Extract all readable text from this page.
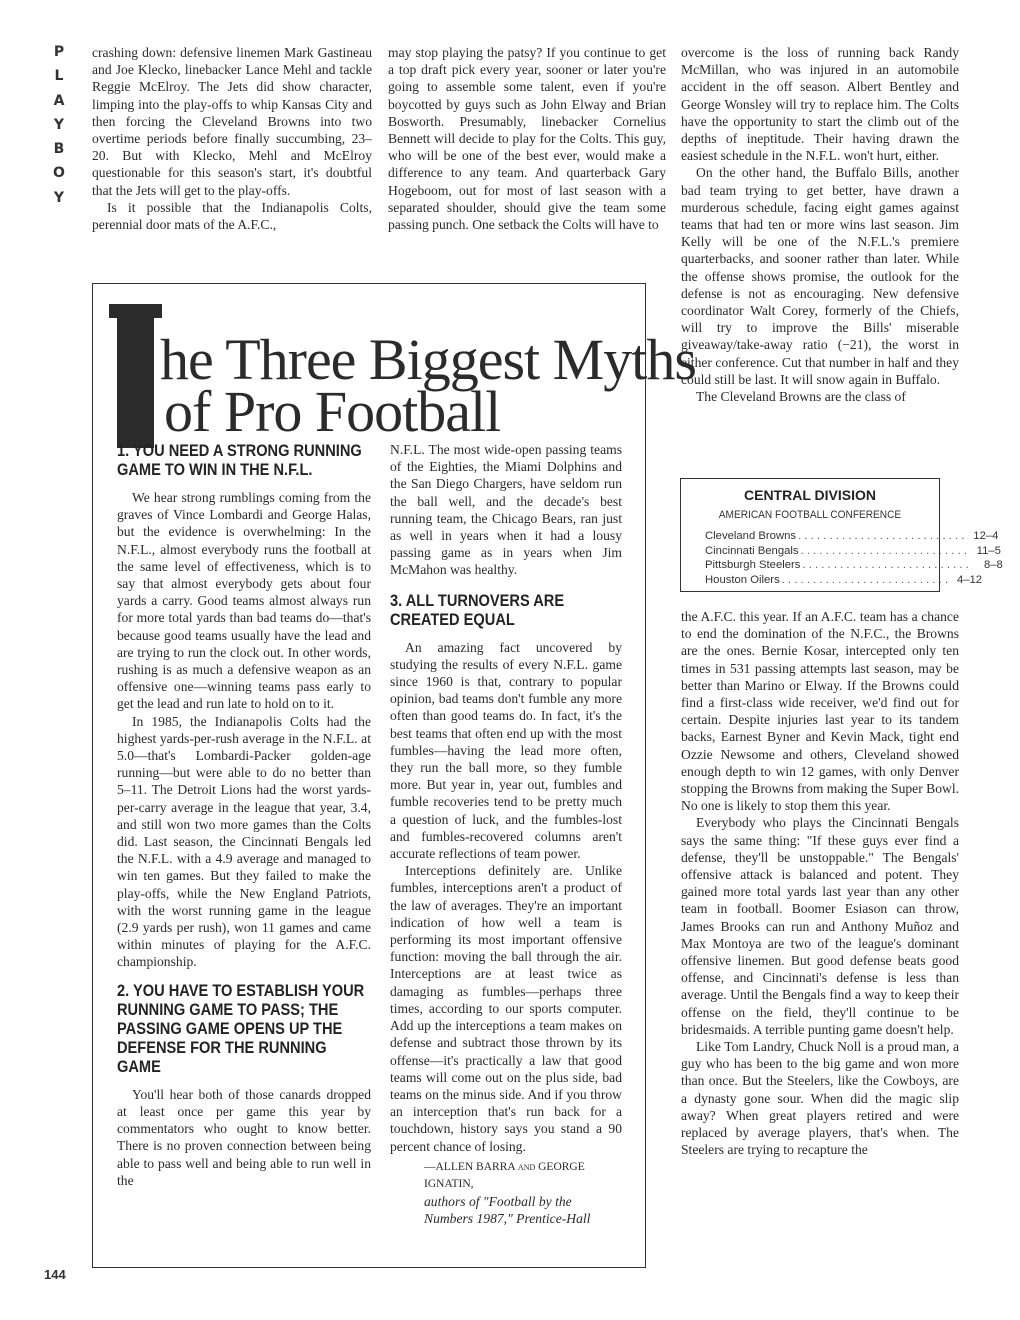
P
L
A
Y
B
O
Y

crashing down: defensive linemen Mark Gastineau and Joe Klecko, linebacker Lance Mehl and tackle Reggie McElroy. The Jets did show character, limping into the play-offs to whip Kansas City and then forcing the Cleveland Browns into two overtime periods before finally succumbing, 23–20. But with Klecko, Mehl and McElroy questionable for this season's start, it's doubtful that the Jets will get to the play-offs.

Is it possible that the Indianapolis Colts, perennial door mats of the A.F.C.,

may stop playing the patsy? If you continue to get a top draft pick every year, sooner or later you're going to assemble some talent, even if you're boycotted by guys such as John Elway and Brian Bosworth. Presumably, linebacker Cornelius Bennett will decide to play for the Colts. This guy, who will be one of the best ever, would make a difference to any team. And quarterback Gary Hogeboom, out for most of last season with a separated shoulder, should give the team some passing punch. One setback the Colts will have to

overcome is the loss of running back Randy McMillan, who was injured in an automobile accident in the off season. Albert Bentley and George Wonsley will try to replace him. The Colts have the opportunity to start the climb out of the depths of ineptitude. Their having drawn the easiest schedule in the N.F.L. won't hurt, either.

On the other hand, the Buffalo Bills, another bad team trying to get better, have drawn a murderous schedule, facing eight games against teams that had ten or more wins last season. Jim Kelly will be one of the N.F.L.'s premiere quarterbacks, and sooner rather than later. While the offense shows promise, the outlook for the defense is not as encouraging. New defensive coordinator Walt Corey, formerly of the Chiefs, will try to improve the Bills' miserable giveaway/take-away ratio (−21), the worst in either conference. Cut that number in half and they could still be last. It will snow again in Buffalo.

The Cleveland Browns are the class of

CENTRAL DIVISION
AMERICAN FOOTBALL CONFERENCE
Cleveland Browns . . . . . . . . . . . . . . . . . . . . . . . . . . . 12–4
Cincinnati Bengals . . . . . . . . . . . . . . . . . . . . . . . . . . . 11–5
Pittsburgh Steelers . . . . . . . . . . . . . . . . . . . . . . . . . . .	8–8
Houston Oilers . . . . . . . . . . . . . . . . . . . . . . . . . . . 4–12

the A.F.C. this year. If an A.F.C. team has a chance to end the domination of the N.F.C., the Browns are the ones. Bernie Kosar, intercepted only ten times in 531 passing attempts last season, may be better than Marino or Elway. If the Browns could find a first-class wide receiver, we'd find out for certain. Despite injuries last year to its tandem backs, Earnest Byner and Kevin Mack, tight end Ozzie Newsome and others, Cleveland showed enough depth to win 12 games, with only Denver stopping the Browns from making the Super Bowl. No one is likely to stop them this year.

Everybody who plays the Cincinnati Bengals says the same thing: "If these guys ever find a defense, they'll be unstoppable." The Bengals' offensive attack is balanced and potent. They gained more total yards last year than any other team in football. Boomer Esiason can throw, James Brooks can run and Anthony Muñoz and Max Montoya are two of the league's dominant offensive linemen. But good defense beats good offense, and Cincinnati's defense is less than average. Until the Bengals find a way to keep their offense on the field, they'll continue to be bridesmaids. A terrible punting game doesn't help.

Like Tom Landry, Chuck Noll is a proud man, a guy who has been to the big game and won more than once. But the Steelers, like the Cowboys, are a dynasty gone sour. When did the magic slip away? When great players retired and were replaced by average players, that's when. The Steelers are trying to recapture the

he Three Biggest Myths
of Pro Football
1. YOU NEED A STRONG RUNNING GAME TO WIN IN THE N.F.L.

We hear strong rumblings coming from the graves of Vince Lombardi and George Halas, but the evidence is overwhelming: In the N.F.L., almost everybody runs the football at the same level of effectiveness, which is to say that almost everybody gets about four yards a carry. Good teams almost always run for more total yards than bad teams do—that's because good teams usually have the lead and are trying to run the clock out. In other words, rushing is as much a defensive weapon as an offensive one—winning teams pass early to get the lead and run late to hold on to it.

In 1985, the Indianapolis Colts had the highest yards-per-rush average in the N.F.L. at 5.0—that's Lombardi-Packer golden-age running—but were able to do no better than 5–11. The Detroit Lions had the worst yards-per-carry average in the league that year, 3.4, and still won two more games than the Colts did. Last season, the Cincinnati Bengals led the N.F.L. with a 4.9 average and managed to win ten games. But they failed to make the play-offs, while the New England Patriots, with the worst running game in the league (2.9 yards per rush), won 11 games and came within minutes of playing for the A.F.C. championship.

2. YOU HAVE TO ESTABLISH YOUR RUNNING GAME TO PASS; THE PASSING GAME OPENS UP THE DEFENSE FOR THE RUNNING GAME

You'll hear both of those canards dropped at least once per game this year by commentators who ought to know better. There is no proven connection between being able to pass well and being able to run well in the

N.F.L. The most wide-open passing teams of the Eighties, the Miami Dolphins and the San Diego Chargers, have seldom run the ball well, and the decade's best running team, the Chicago Bears, ran just as well in years when it had a lousy passing game as in years when Jim McMahon was healthy.

3. ALL TURNOVERS ARE CREATED EQUAL

An amazing fact uncovered by studying the results of every N.F.L. game since 1960 is that, contrary to popular opinion, bad teams don't fumble any more often than good teams do. In fact, it's the best teams that often end up with the most fumbles—having the lead more often, they run the ball more, so they fumble more. But year in, year out, fumbles and fumble recoveries tend to be pretty much a question of luck, and the fumbles-lost and fumbles-recovered columns aren't accurate reflections of team power.

Interceptions definitely are. Unlike fumbles, interceptions aren't a product of the law of averages. They're an important indication of how well a team is performing its most important offensive function: moving the ball through the air. Interceptions are at least twice as damaging as fumbles—perhaps three times, according to our sports computer. Add up the interceptions a team makes on defense and subtract those thrown by its offense—it's practically a law that good teams will come out on the plus side, bad teams on the minus side. And if you throw an interception that's run back for a touchdown, history says you stand a 90 percent chance of losing.

—ALLEN BARRA and GEORGE IGNATIN,
authors of "Football by the Numbers 1987," Prentice-Hall
144
